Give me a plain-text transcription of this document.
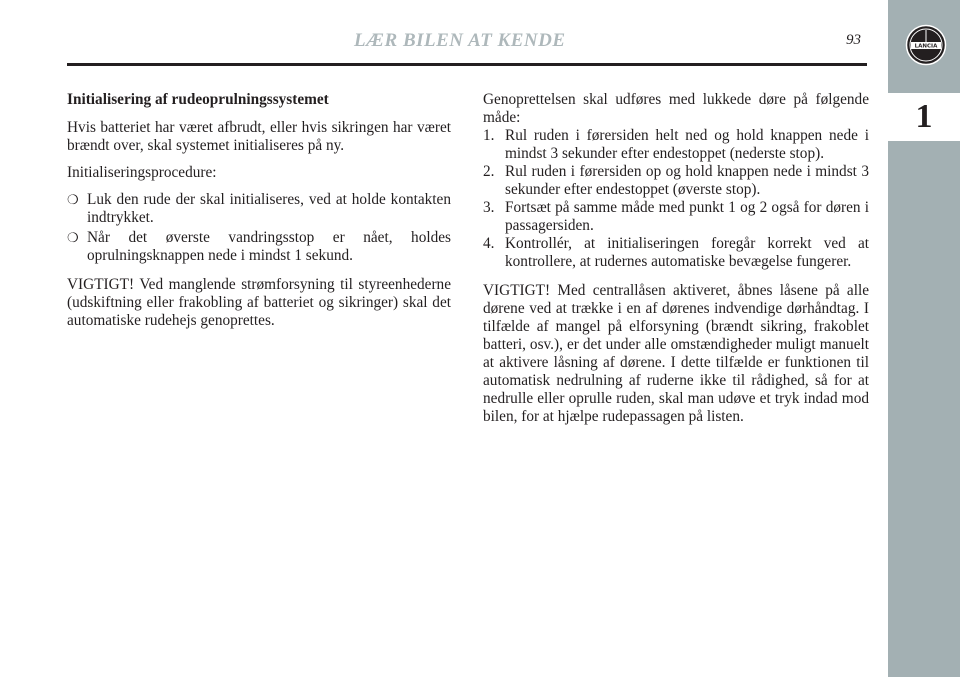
LÆR BILEN AT KENDE	93
1
LANCIA

Initialisering af rudeoprulningssystemet

Hvis batteriet har været afbrudt, eller hvis sikringen har været brændt over, skal systemet initialiseres på ny.

Initialiseringsprocedure:

❍ Luk den rude der skal initialiseres, ved at holde kontakten indtrykket.
❍ Når det øverste vandringsstop er nået, holdes oprulningsknappen nede i mindst 1 sekund.

VIGTIGT! Ved manglende strømforsyning til styreenhederne (udskiftning eller frakobling af batteriet og sikringer) skal det automatiske rudehejs genoprettes.

Genoprettelsen skal udføres med lukkede døre på følgende måde:

1. Rul ruden i førersiden helt ned og hold knappen nede i mindst 3 sekunder efter endestoppet (nederste stop).
2. Rul ruden i førersiden op og hold knappen nede i mindst 3 sekunder efter endestoppet (øverste stop).
3. Fortsæt på samme måde med punkt 1 og 2 også for døren i passagersiden.
4. Kontrollér, at initialiseringen foregår korrekt ved at kontrollere, at rudernes automatiske bevægelse fungerer.

VIGTIGT! Med centrallåsen aktiveret, åbnes låsene på alle dørene ved at trække i en af dørenes indvendige dørhåndtag. I tilfælde af mangel på elforsyning (brændt sikring, frakoblet batteri, osv.), er det under alle omstændigheder muligt manuelt at aktivere låsning af dørene. I dette tilfælde er funktionen til automatisk nedrulning af ruderne ikke til rådighed, så for at nedrulle eller oprulle ruden, skal man udøve et tryk indad mod bilen, for at hjælpe rudepassagen på listen.
